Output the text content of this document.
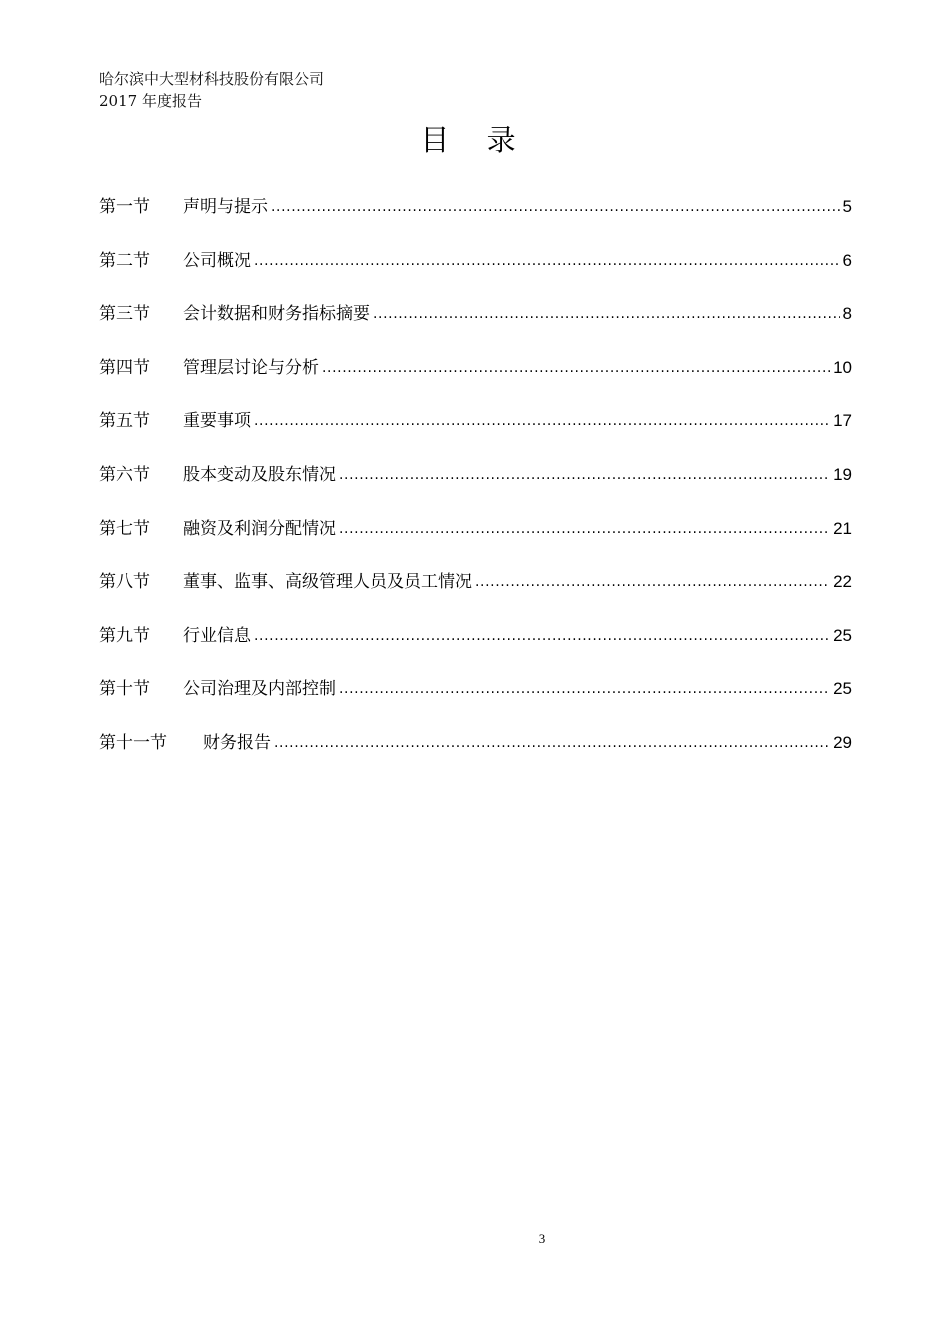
哈尔滨中大型材科技股份有限公司
2017 年度报告
目 录
第一节	声明与提示 .....	5
第二节	公司概况 .....	6
第三节	会计数据和财务指标摘要 .....	8
第四节	管理层讨论与分析 .....	10
第五节	重要事项 .....	17
第六节	股本变动及股东情况 .....	19
第七节	融资及利润分配情况 .....	21
第八节	董事、监事、高级管理人员及员工情况 .....	22
第九节	行业信息 .....	25
第十节	公司治理及内部控制 .....	25
第十一节	财务报告 .....	29
3
